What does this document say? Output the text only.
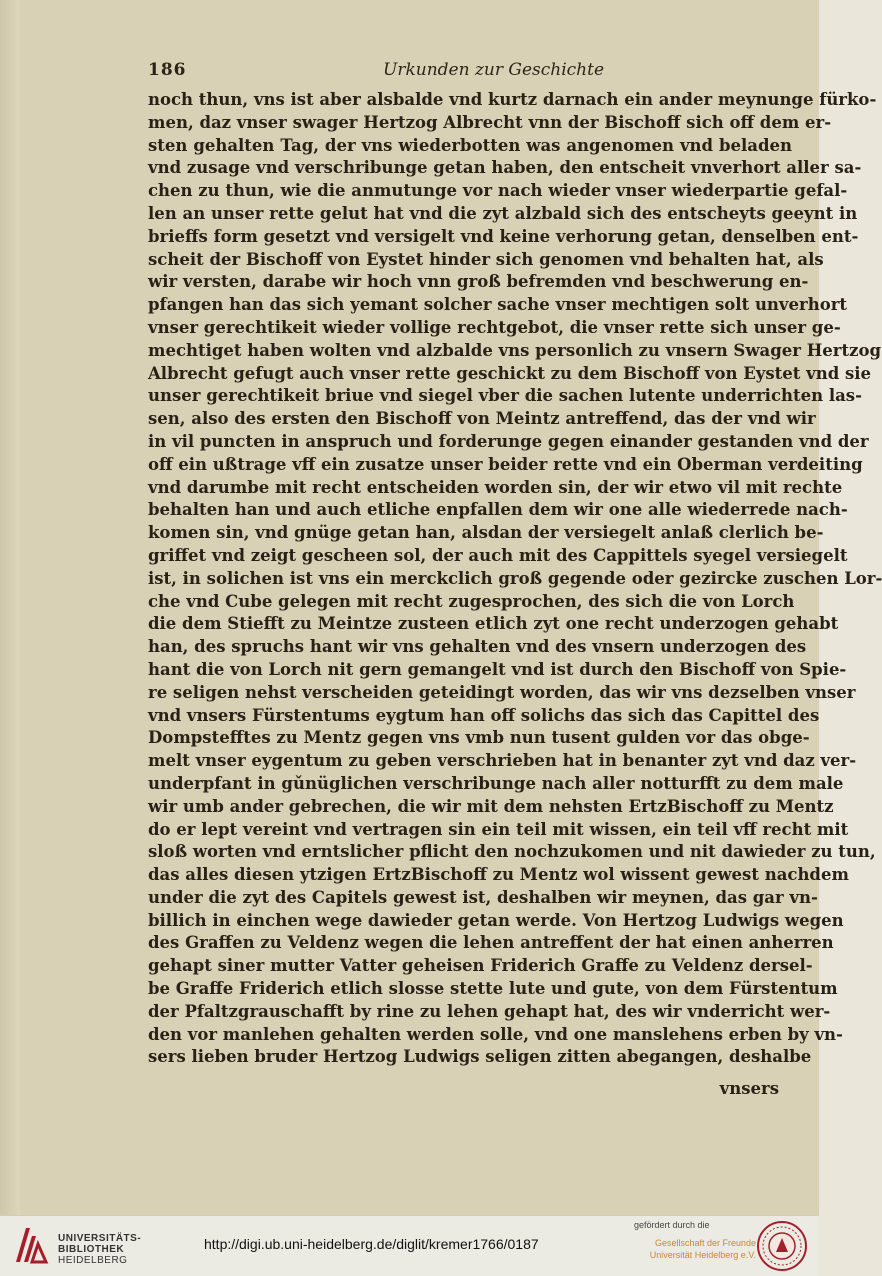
186	Urkunden zur Geschichte
noch thun, vns ist aber alsbalde vnd kurtz darnach ein ander meynunge fürko-
men, daz vnser swager Hertzog Albrecht vnn der Bischoff sich off dem er-
sten gehalten Tag, der vns wiederbotten was angenomen vnd beladen
vnd zusage vnd verschribunge getan haben, den entscheit vnverhort aller sa-
chen zu thun, wie die anmutunge vor nach wieder vnser wiederpartie gefal-
len an unser rette gelut hat vnd die zyt alzbald sich des entscheyts geeynt in
brieffs form gesetzt vnd versigelt vnd keine verhorung getan, denselben ent-
scheit der Bischoff von Eystet hinder sich genomen vnd behalten hat, als
wir versten, darabe wir hoch vnn groß befremden vnd beschwerung en-
pfangen han das sich yemant solcher sache vnser mechtigen solt unverhort
vnser gerechtikeit wieder vollige rechtgebot, die vnser rette sich unser ge-
mechtiget haben wolten vnd alzbalde vns personlich zu vnsern Swager Hertzog
Albrecht gefugt auch vnser rette geschickt zu dem Bischoff von Eystet vnd sie
unser gerechtikeit briue vnd siegel vber die sachen lutente underrichten las-
sen, also des ersten den Bischoff von Meintz antreffend, das der vnd wir
in vil puncten in anspruch und forderunge gegen einander gestanden vnd der
off ein ußtrage vff ein zusatze unser beider rette vnd ein Oberman verdeiting
vnd darumbe mit recht entscheiden worden sin, der wir etwo vil mit rechte
behalten han und auch etliche enpfallen dem wir one alle wiederrede nach-
komen sin, vnd gnüge getan han, alsdan der versiegelt anlaß clerlich be-
griffet vnd zeigt gescheen sol, der auch mit des Cappittels syegel versiegelt
ist, in solichen ist vns ein merckclich groß gegende oder gezircke zuschen Lor-
che vnd Cube gelegen mit recht zugesprochen, des sich die von Lorch
die dem Stiefft zu Meintze zusteen etlich zyt one recht underzogen gehabt
han, des spruchs hant wir vns gehalten vnd des vnsern underzogen des
hant die von Lorch nit gern gemangelt vnd ist durch den Bischoff von Spie-
re seligen nehst verscheiden geteidingt worden, das wir vns dezselben vnser
vnd vnsers Fürstentums eygtum han off solichs das sich das Capittel des
Dompstefftes zu Mentz gegen vns vmb nun tusent gulden vor das obge-
melt vnser eygentum zu geben verschrieben hat in benanter zyt vnd daz ver-
underpfant in gǔnüglichen verschribunge nach aller notturfft zu dem male
wir umb ander gebrechen, die wir mit dem nehsten ErtzBischoff zu Mentz
do er lept vereint vnd vertragen sin ein teil mit wissen, ein teil vff recht mit
sloß worten vnd erntslicher pflicht den nochzukomen und nit dawieder zu tun,
das alles diesen ytzigen ErtzBischoff zu Mentz wol wissent gewest nachdem
under die zyt des Capitels gewest ist, deshalben wir meynen, das gar vn-
billich in einchen wege dawieder getan werde. Von Hertzog Ludwigs wegen
des Graffen zu Veldenz wegen die lehen antreffent der hat einen anherren
gehapt siner mutter Vatter geheisen Friderich Graffe zu Veldenz dersel-
be Graffe Friderich etlich slosse stette lute und gute, von dem Fürstentum
der Pfaltzgrauschafft by rine zu lehen gehapt hat, des wir vnderricht wer-
den vor manlehen gehalten werden solle, vnd one manslehens erben by vn-
sers lieben bruder Hertzog Ludwigs seligen zitten abegangen, deshalbe
vnsers
UNIVERSITÄTS-
BIBLIOTHEK
HEIDELBERG
http://digi.ub.uni-heidelberg.de/diglit/kremer1766/0187
gefördert durch die
Gesellschaft der Freunde
Universität Heidelberg e.V.
